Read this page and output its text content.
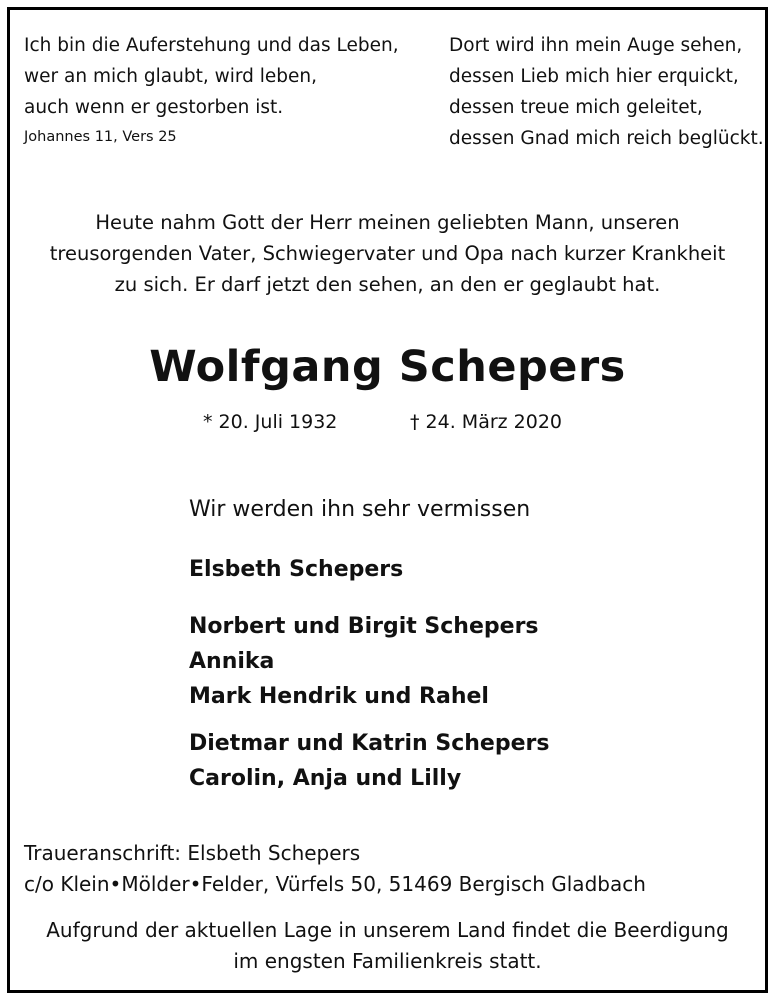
Ich bin die Auferstehung und das Leben,
wer an mich glaubt, wird leben,
auch wenn er gestorben ist.
Johannes 11, Vers 25
Dort wird ihn mein Auge sehen,
dessen Lieb mich hier erquickt,
dessen treue mich geleitet,
dessen Gnad mich reich beglückt.
Heute nahm Gott der Herr meinen geliebten Mann, unseren
treusorgenden Vater, Schwiegervater und Opa nach kurzer Krankheit
zu sich. Er darf jetzt den sehen, an den er geglaubt hat.
Wolfgang Schepers
* 20. Juli 1932	† 24. März 2020
Wir werden ihn sehr vermissen
Elsbeth Schepers
Norbert und Birgit Schepers
Annika
Mark Hendrik und Rahel
Dietmar und Katrin Schepers
Carolin, Anja und Lilly
Traueranschrift: Elsbeth Schepers
c/o Klein•Mölder•Felder, Vürfels 50, 51469 Bergisch Gladbach
Aufgrund der aktuellen Lage in unserem Land findet die Beerdigung
im engsten Familienkreis statt.
